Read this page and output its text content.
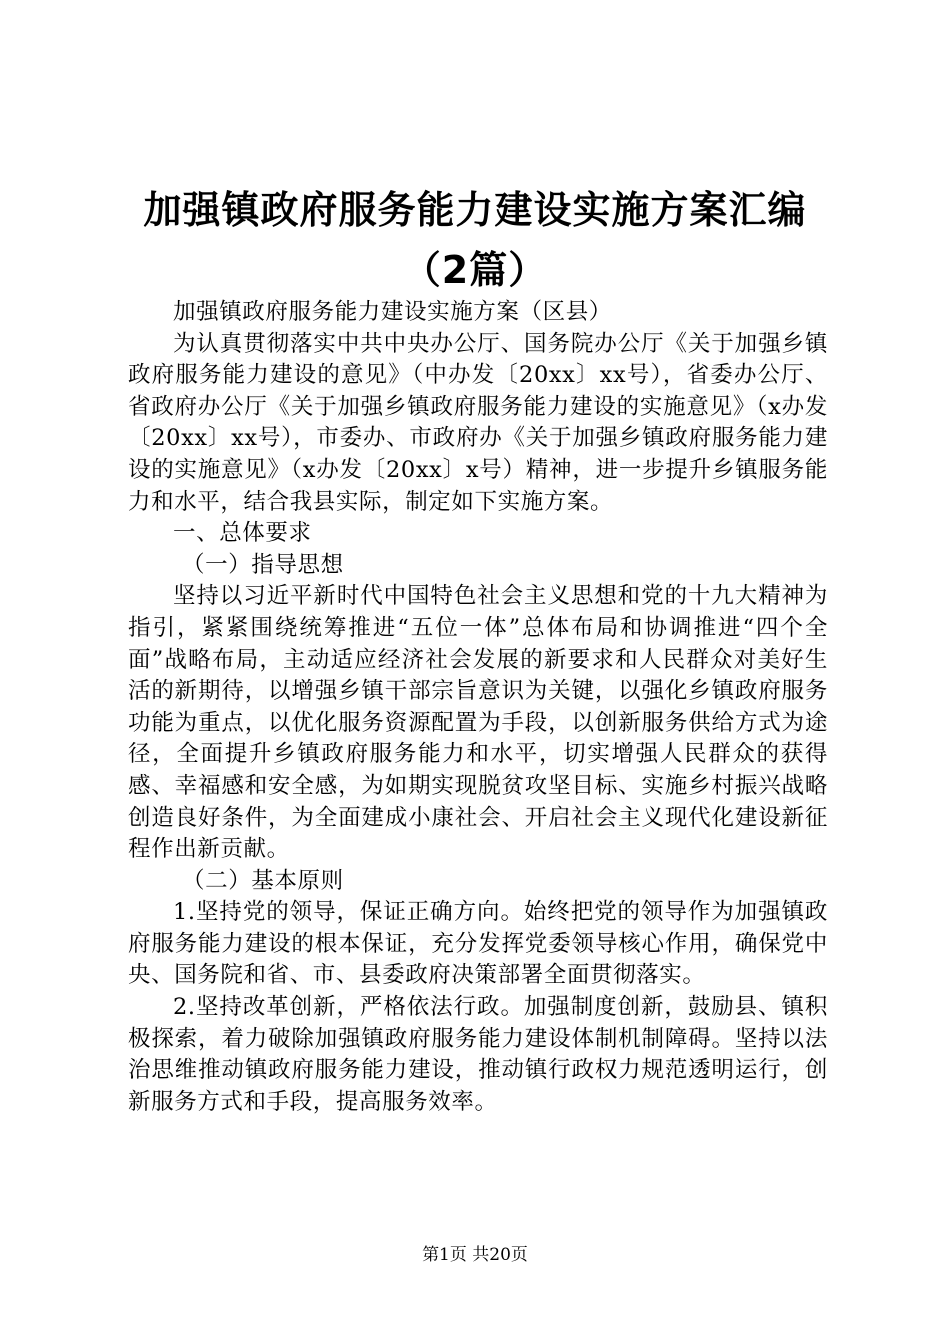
加强镇政府服务能力建设实施方案汇编（2篇）

加强镇政府服务能力建设实施方案（区县）

为认真贯彻落实中共中央办公厅、国务院办公厅《关于加强乡镇政府服务能力建设的意见》（中办发〔20xx〕xx号），省委办公厅、省政府办公厅《关于加强乡镇政府服务能力建设的实施意见》（x办发〔20xx〕xx号），市委办、市政府办《关于加强乡镇政府服务能力建设的实施意见》（x办发〔20xx〕x号）精神，进一步提升乡镇服务能力和水平，结合我县实际，制定如下实施方案。

一、总体要求

（一）指导思想

坚持以习近平新时代中国特色社会主义思想和党的十九大精神为指引，紧紧围绕统筹推进“五位一体”总体布局和协调推进“四个全面”战略布局，主动适应经济社会发展的新要求和人民群众对美好生活的新期待，以增强乡镇干部宗旨意识为关键，以强化乡镇政府服务功能为重点，以优化服务资源配置为手段，以创新服务供给方式为途径，全面提升乡镇政府服务能力和水平，切实增强人民群众的获得感、幸福感和安全感，为如期实现脱贫攻坚目标、实施乡村振兴战略创造良好条件，为全面建成小康社会、开启社会主义现代化建设新征程作出新贡献。

（二）基本原则

1.坚持党的领导，保证正确方向。始终把党的领导作为加强镇政府服务能力建设的根本保证，充分发挥党委领导核心作用，确保党中央、国务院和省、市、县委政府决策部署全面贯彻落实。

2.坚持改革创新，严格依法行政。加强制度创新，鼓励县、镇积极探索，着力破除加强镇政府服务能力建设体制机制障碍。坚持以法治思维推动镇政府服务能力建设，推动镇行政权力规范透明运行，创新服务方式和手段，提高服务效率。

第1页 共20页
